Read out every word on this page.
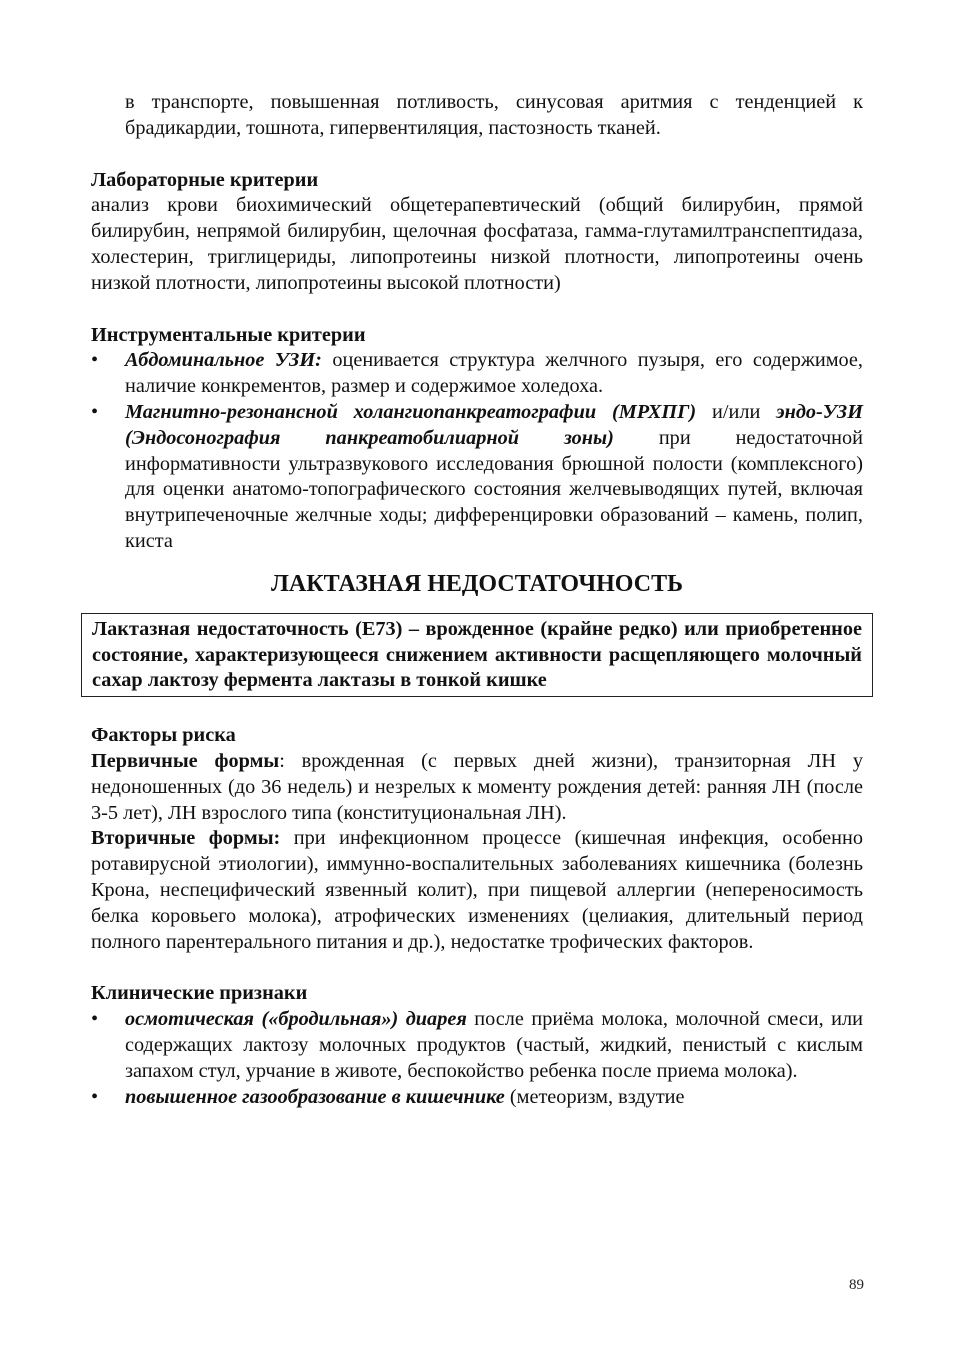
в транспорте, повышенная потливость, синусовая аритмия с тенденцией к брадикардии, тошнота, гипервентиляция, пастозность тканей.

Лабораторные критерии

анализ крови биохимический общетерапевтический (общий билирубин, прямой билирубин, непрямой билирубин, щелочная фосфатаза, гамма-глутамилтранспептидаза, холестерин, триглицериды, липопротеины низкой плотности, липопротеины очень низкой плотности, липопротеины высокой плотности)

Инструментальные критерии

• Абдоминальное УЗИ: оценивается структура желчного пузыря, его содержимое, наличие конкрементов, размер и содержимое холедоха.
• Магнитно-резонансной холангиопанкреатографии (МРХПГ) и/или эндо-УЗИ (Эндосонография панкреатобилиарной зоны) при недостаточной информативности ультразвукового исследования брюшной полости (комплексного) для оценки анатомо-топографического состояния желчевыводящих путей, включая внутрипеченочные желчные ходы; дифференцировки образований – камень, полип, киста
ЛАКТАЗНАЯ НЕДОСТАТОЧНОСТЬ

Лактазная недостаточность (Е73) – врожденное (крайне редко) или приобретенное состояние, характеризующееся снижением активности расщепляющего молочный сахар лактозу фермента лактазы в тонкой кишке

Факторы риска

Первичные формы: врожденная (с первых дней жизни), транзиторная ЛН у недоношенных (до 36 недель) и незрелых к моменту рождения детей: ранняя ЛН (после 3-5 лет), ЛН взрослого типа (конституциональная ЛН).

Вторичные формы: при инфекционном процессе (кишечная инфекция, особенно ротавирусной этиологии), иммунно-воспалительных заболеваниях кишечника (болезнь Крона, неспецифический язвенный колит), при пищевой аллергии (непереносимость белка коровьего молока), атрофических изменениях (целиакия, длительный период полного парентерального питания и др.), недостатке трофических факторов.

Клинические признаки

• осмотическая («бродильная») диарея после приёма молока, молочной смеси, или содержащих лактозу молочных продуктов (частый, жидкий, пенистый с кислым запахом стул, урчание в животе, беспокойство ребенка после приема молока).
• повышенное газообразование в кишечнике (метеоризм, вздутие
89
